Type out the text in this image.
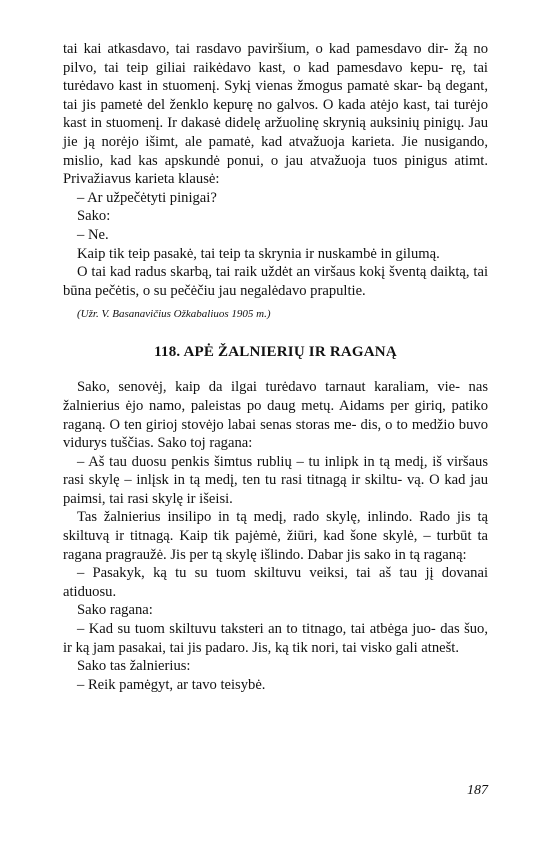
tai kai atkasdavo, tai rasdavo paviršium, o kad pamesdavo dir- žą no pilvo, tai teip giliai raikėdavo kast, o kad pamesdavo kepu- rę, tai turėdavo kast in stuomenį. Sykį vienas žmogus pamatė skar- bą degant, tai jis pametė del ženklo kepurę no galvos. O kada atėjo kast, tai turėjo kast in stuomenį. Ir dakasė didelę aržuolinę skrynią auksinių pinigų. Jau jie ją norėjo išimt, ale pamatė, kad atvažuoja karieta. Jie nusigando, mislio, kad kas apskundė ponui, o jau atvažuoja tuos pinigus atimt. Privažiavus karieta klausė:

– Ar užpečėtyti pinigai?

Sako:

– Ne.

Kaip tik teip pasakė, tai teip ta skrynia ir nuskambė in gilumą.

O tai kad radus skarbą, tai raik uždėt an viršaus kokį šventą daiktą, tai būna pečėtis, o su pečėčiu jau negalėdavo prapultie.

(Užr. V. Basanavičius Ožkabaliuos 1905 m.)

118. APĖ ŽALNIERIŲ IR RAGANĄ

Sako, senovėj, kaip da ilgai turėdavo tarnaut karaliam, vie- nas žalnierius ėjo namo, paleistas po daug metų. Aidams per giriq, patiko raganą. O ten girioj stovėjo labai senas storas me- dis, o to medžio buvo vidurys tuščias. Sako toj ragana:

– Aš tau duosu penkis šimtus rublių – tu inlipk in tą medį, iš viršaus rasi skylę – inlįsk in tą medį, ten tu rasi titnagą ir skiltu- vą. O kad jau paimsi, tai rasi skylę ir išeisi.

Tas žalnierius insilipo in tą medį, rado skylę, inlindo. Rado jis tą skiltuvą ir titnagą. Kaip tik pajėmė, žiūri, kad šone skylė, – turbūt ta ragana pragraužė. Jis per tą skylę išlindo. Dabar jis sako in tą raganą:

– Pasakyk, ką tu su tuom skiltuvu veiksi, tai aš tau jį dovanai atiduosu.

Sako ragana:

– Kad su tuom skiltuvu taksteri an to titnago, tai atbėga juo- das šuo, ir ką jam pasakai, tai jis padaro. Jis, ką tik nori, tai visko gali atnešt.

Sako tas žalnierius:

– Reik pamėgyt, ar tavo teisybė.

187
